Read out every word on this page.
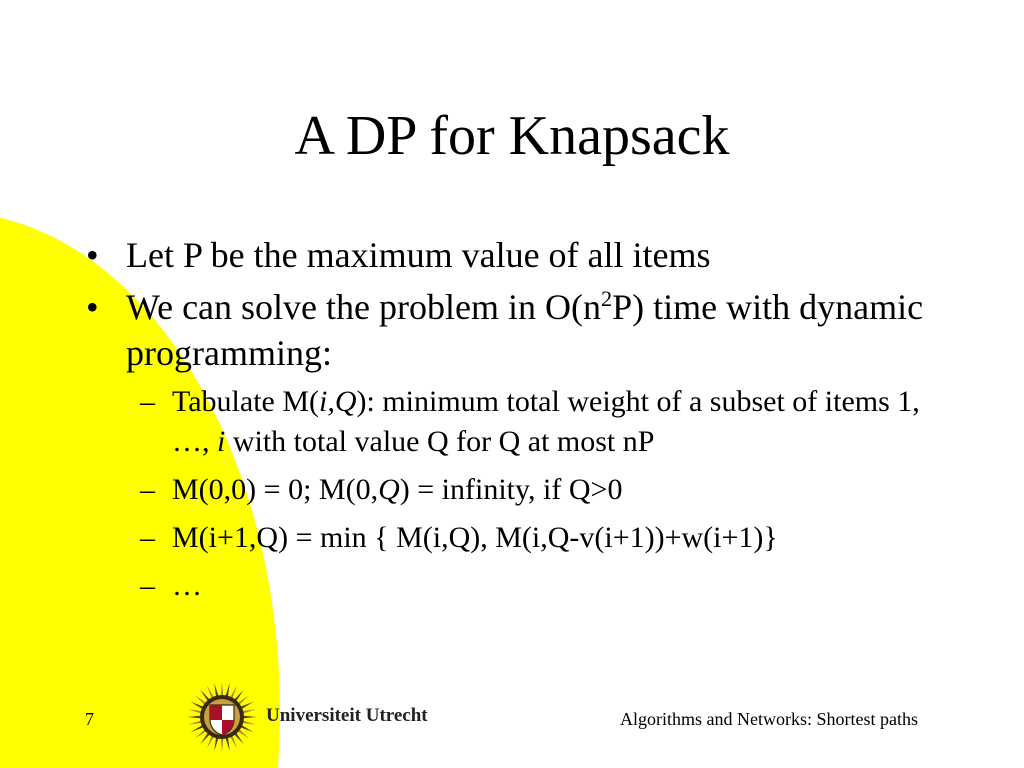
A DP for Knapsack
• Let P be the maximum value of all items
• We can solve the problem in $O(n^2P)$ time with dynamic programming:
– Tabulate M(i,Q): minimum total weight of a subset of items 1, …, i with total value Q for Q at most nP
– M(0,0) = 0; M(0,Q) = infinity, if Q>0
– M(i+1,Q) = min { M(i,Q), M(i,Q-v(i+1))+w(i+1)}
– …
7	Universiteit Utrecht	Algorithms and Networks: Shortest paths
